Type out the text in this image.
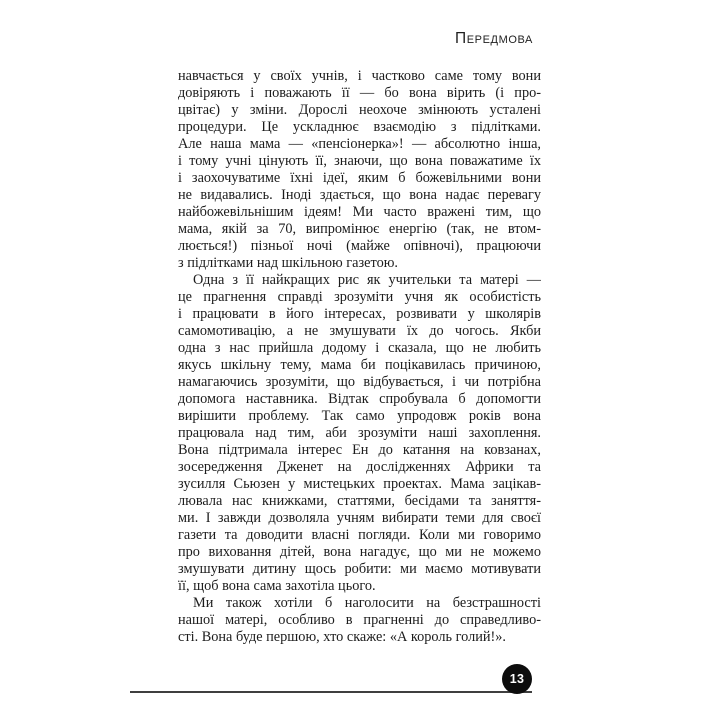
Передмова
навчається у своїх учнів, і частково саме тому вони
довіряють і поважають її — бо вона вірить (і про-
цвітає) у зміни. Дорослі неохоче змінюють усталені
процедури. Це ускладнює взаємодію з підлітками.
Але наша мама — «пенсіонерка»! — абсолютно інша,
і тому учні цінують її, знаючи, що вона поважатиме їх
і заохочуватиме їхні ідеї, яким б божевільними вони
не видавались. Іноді здається, що вона надає перевагу
найбожевільнішим ідеям! Ми часто вражені тим, що
мама, якій за 70, випромінює енергію (так, не втом-
люється!) пізньої ночі (майже опівночі), працюючи
з підлітками над шкільною газетою.
Одна з її найкращих рис як учительки та матері —
це прагнення справді зрозуміти учня як особистість
і працювати в його інтересах, розвивати у школярів
самомотивацію, а не змушувати їх до чогось. Якби
одна з нас прийшла додому і сказала, що не любить
якусь шкільну тему, мама би поцікавилась причиною,
намагаючись зрозуміти, що відбувається, і чи потрібна
допомога наставника. Відтак спробувала б допомогти
вирішити проблему. Так само упродовж років вона
працювала над тим, аби зрозуміти наші захоплення.
Вона підтримала інтерес Ен до катання на ковзанах,
зосередження Дженет на дослідженнях Африки та
зусилля Сьюзен у мистецьких проектах. Мама зацікав-
лювала нас книжками, статтями, бесідами та заняття-
ми. І завжди дозволяла учням вибирати теми для своєї
газети та доводити власні погляди. Коли ми говоримо
про виховання дітей, вона нагадує, що ми не можемо
змушувати дитину щось робити: ми маємо мотивувати
її, щоб вона сама захотіла цього.
Ми також хотіли б наголосити на безстрашності
нашої матері, особливо в прагненні до справедливо-
сті. Вона буде першою, хто скаже: «А король голий!».
13
